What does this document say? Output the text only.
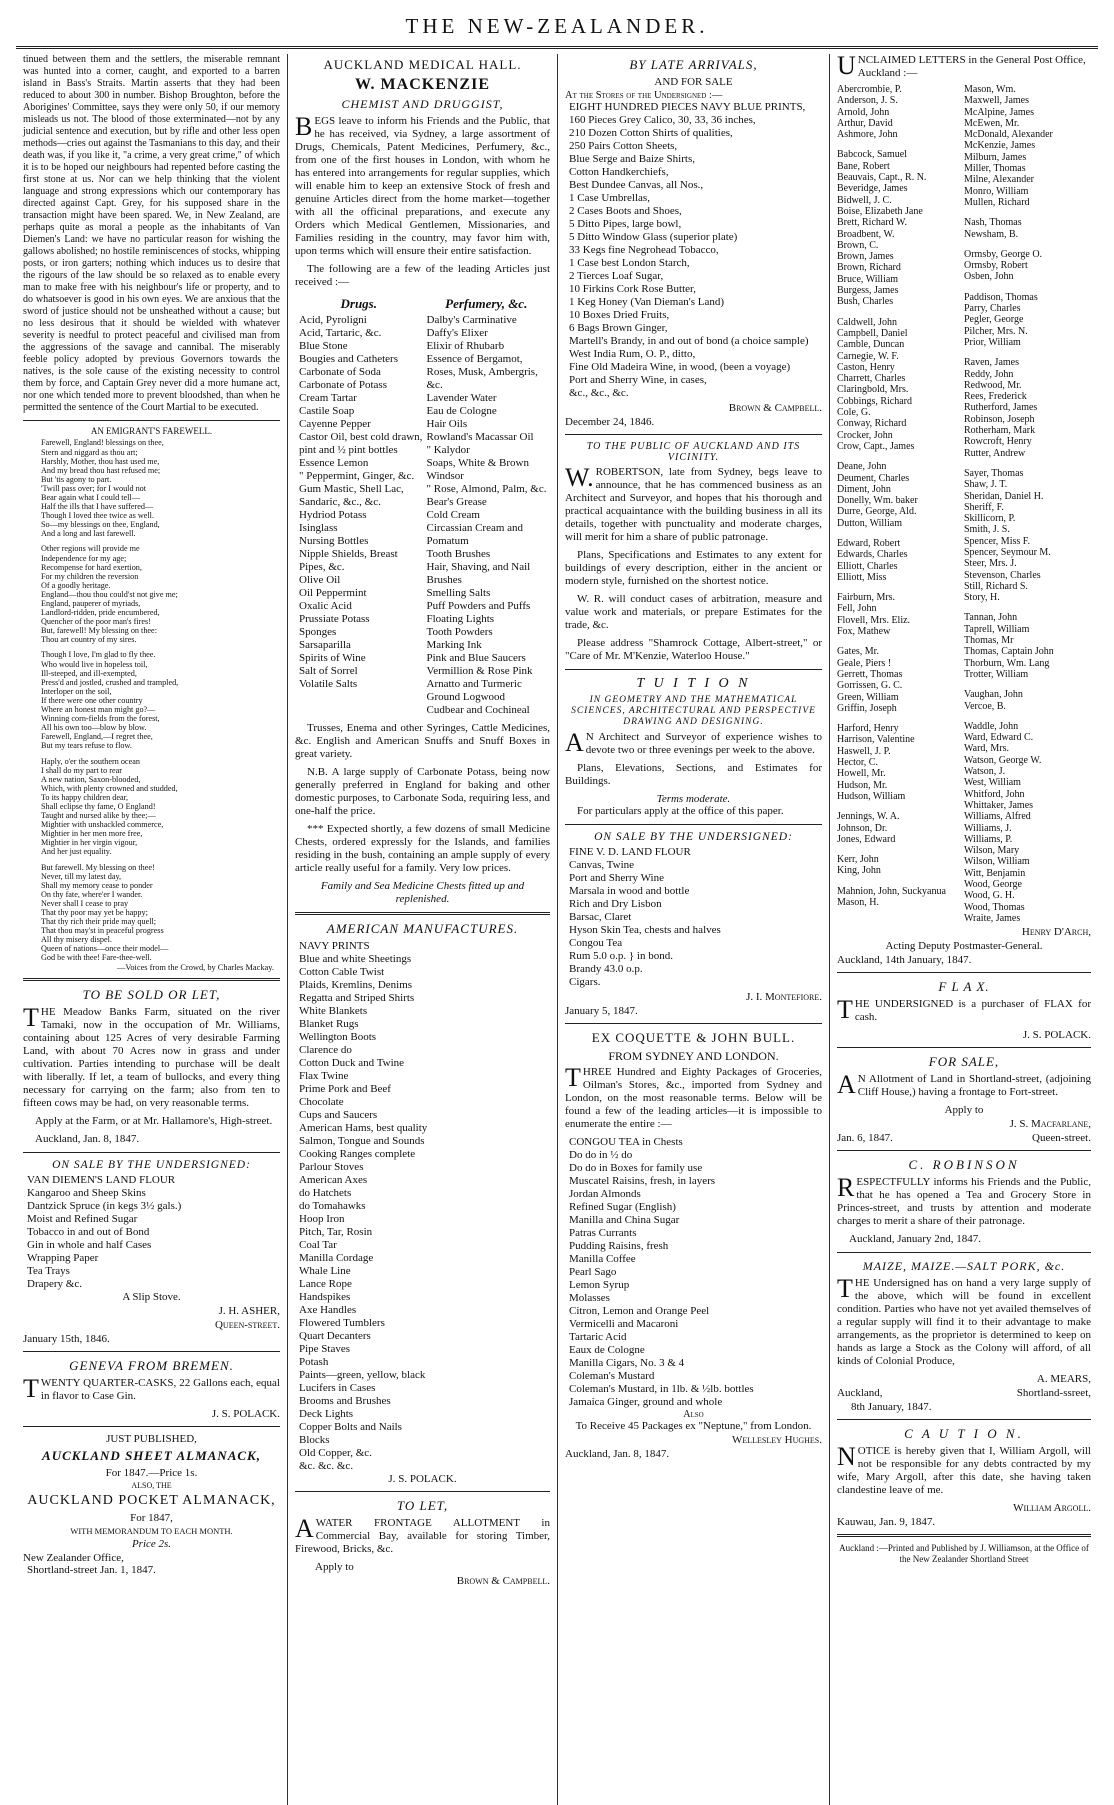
THE NEW-ZEALANDER.

tinued between them and the settlers, the miserable remnant was hunted into a corner, caught, and exported to a barren island in Bass's Straits. Martin asserts that they had been reduced to about 300 in number. Bishop Broughton, before the Aborigines' Committee, says they were only 50, if our memory misleads us not. The blood of those exterminated—not by any judicial sentence and execution, but by rifle and other less open methods—cries out against the Tasmanians to this day, and their death was, if you like it, "a crime, a very great crime," of which it is to be hoped our neighbours had repented before casting the first stone at us. Nor can we help thinking that the violent language and strong expressions which our contemporary has directed against Capt. Grey, for his supposed share in the transaction might have been spared. We, in New Zealand, are perhaps quite as moral a people as the inhabitants of Van Diemen's Land: we have no particular reason for wishing the gallows abolished; no hostile reminiscences of stocks, whipping posts, or iron garters; nothing which induces us to desire that the rigours of the law should be so relaxed as to enable every man to make free with his neighbour's life or property, and to do whatsoever is good in his own eyes. We are anxious that the sword of justice should not be unsheathed without a cause; but no less desirous that it should be wielded with whatever severity is needful to protect peaceful and civilised man from the aggressions of the savage and cannibal. The miserably feeble policy adopted by previous Governors towards the natives, is the sole cause of the existing necessity to control them by force, and Captain Grey never did a more humane act, nor one which tended more to prevent bloodshed, than when he permitted the sentence of the Court Martial to be executed.

AN EMIGRANT'S FAREWELL.
Farewell, England! blessings on thee,
Stern and niggard as thou art;
Harshly, Mother, thou hast used me,
And my bread thou hast refused me;
But 'tis agony to part.
'Twill pass over; for I would not
Bear again what I could tell—
Half the ills that I have suffered—
Though I loved thee twice as well.
So—my blessings on thee, England,
And a long and last farewell.
Other regions will provide me
Independence for my age;
Recompense for hard exertion,
For my children the reversion
Of a goodly heritage.
England—thou thou could'st not give me;
England, pauperer of myriads,
Landlord-ridden, pride encumbered,
Quencher of the poor man's fires!
But, farewell! My blessing on thee:
Thou art country of my sires.
Though I love, I'm glad to fly thee.
Who would live in hopeless toil,
Ill-steeped, and ill-exempted,
Press'd and jostled, crushed and trampled,
Interloper on the soil,
If there were one other country
Where an honest man might go?—
Winning corn-fields from the forest,
All his own too—blow by blow.
Farewell, England,—I regret thee,
But my tears refuse to flow.
Haply, o'er the southern ocean
I shall do my part to rear
A new nation, Saxon-blooded,
Which, with plenty crowned and studded,
To its happy children dear,
Shall eclipse thy fame, O England!
Taught and nursed alike by thee;—
Mightier with unshackled commerce,
Mightier in her men more free,
Mightier in her virgin vigour,
And her just equality.
But farewell. My blessing on thee!
Never, till my latest day,
Shall my memory cease to ponder
On thy fate, where'er I wander.
Never shall I cease to pray
That thy poor may yet be happy;
That thy rich their pride may quell;
That thou may'st in peaceful progress
All thy misery dispel.
Queen of nations—once their model—
God be with thee! Fare-thee-well.
—Voices from the Crowd, by Charles Mackay.
TO BE SOLD OR LET,

THE Meadow Banks Farm, situated on the river Tamaki, now in the occupation of Mr. Williams, containing about 125 Acres of very desirable Farming Land, with about 70 Acres now in grass and under cultivation. Parties intending to purchase will be dealt with liberally. If let, a team of bullocks, and every thing necessary for carrying on the farm; also from ten to fifteen cows may be had, on very reasonable terms.

Apply at the Farm, or at Mr. Hallamore's, High-street.

Auckland, Jan. 8, 1847.

ON SALE BY THE UNDERSIGNED:
VAN DIEMEN'S LAND FLOUR
Kangaroo and Sheep Skins
Dantzick Spruce (in kegs 3½ gals.)
Moist and Refined Sugar
Tobacco in and out of Bond
Gin in whole and half Cases
Wrapping Paper
Tea Trays
Drapery &c.
A Slip Stove.
J. H. ASHER,
Queen-street.
January 15th, 1846.
GENEVA FROM BREMEN.

TWENTY QUARTER-CASKS, 22 Gallons each, equal in flavor to Case Gin.

J. S. POLACK.
JUST PUBLISHED,
AUCKLAND SHEET ALMANACK,
For 1847.—Price 1s.
ALSO, THE
AUCKLAND POCKET ALMANACK,
For 1847,
WITH MEMORANDUM TO EACH MONTH.
Price 2s.
New Zealander Office,
Shortland-street Jan. 1, 1847.
AUCKLAND MEDICAL HALL.
W. MACKENZIE
CHEMIST AND DRUGGIST,

BEGS leave to inform his Friends and the Public, that he has received, via Sydney, a large assortment of Drugs, Chemicals, Patent Medicines, Perfumery, &c., from one of the first houses in London, with whom he has entered into arrangements for regular supplies, which will enable him to keep an extensive Stock of fresh and genuine Articles direct from the home market—together with all the officinal preparations, and execute any Orders which Medical Gentlemen, Missionaries, and Families residing in the country, may favor him with, upon terms which will ensure their entire satisfaction.

The following are a few of the leading Articles just received :—

Drugs.
Acid, Pyroligni
Acid, Tartaric, &c.
Blue Stone
Bougies and Catheters
Carbonate of Soda
Carbonate of Potass
Cream Tartar
Castile Soap
Cayenne Pepper
Castor Oil, best cold drawn, pint and ½ pint bottles
Essence Lemon
" Peppermint, Ginger, &c.
Gum Mastic, Shell Lac, Sandaric, &c., &c.
Hydriod Potass
Isinglass
Nursing Bottles
Nipple Shields, Breast Pipes, &c.
Olive Oil
Oil Peppermint
Oxalic Acid
Prussiate Potass
Sponges
Sarsaparilla
Spirits of Wine
Salt of Sorrel
Volatile Salts
Perfumery, &c.
Dalby's Carminative
Daffy's Elixer
Elixir of Rhubarb
Essence of Bergamot, Roses, Musk, Ambergris, &c.
Lavender Water
Eau de Cologne
Hair Oils
Rowland's Macassar Oil
" Kalydor
Soaps, White & Brown Windsor
" Rose, Almond, Palm, &c.
Bear's Grease
Cold Cream
Circassian Cream and Pomatum
Tooth Brushes
Hair, Shaving, and Nail Brushes
Smelling Salts
Puff Powders and Puffs
Floating Lights
Tooth Powders
Marking Ink
Pink and Blue Saucers
Vermillion & Rose Pink
Arnatto and Turmeric
Ground Logwood
Cudbear and Cochineal

Trusses, Enema and other Syringes, Cattle Medicines, &c. English and American Snuffs and Snuff Boxes in great variety.

N.B. A large supply of Carbonate Potass, being now generally preferred in England for baking and other domestic purposes, to Carbonate Soda, requiring less, and one-half the price.

*** Expected shortly, a few dozens of small Medicine Chests, ordered expressly for the Islands, and families residing in the bush, containing an ample supply of every article really useful for a family. Very low prices.

Family and Sea Medicine Chests fitted up and replenished.

AMERICAN MANUFACTURES.
NAVY PRINTS
Blue and white Sheetings
Cotton Cable Twist
Plaids, Kremlins, Denims
Regatta and Striped Shirts
White Blankets
Blanket Rugs
Wellington Boots
Clarence do
Cotton Duck and Twine
Flax Twine
Prime Pork and Beef
Chocolate
Cups and Saucers
American Hams, best quality
Salmon, Tongue and Sounds
Cooking Ranges complete
Parlour Stoves
American Axes
do Hatchets
do Tomahawks
Hoop Iron
Pitch, Tar, Rosin
Coal Tar
Manilla Cordage
Whale Line
Lance Rope
Handspikes
Axe Handles
Flowered Tumblers
Quart Decanters
Pipe Staves
Potash
Paints—green, yellow, black
Lucifers in Cases
Brooms and Brushes
Deck Lights
Copper Bolts and Nails
Blocks
Old Copper, &c.
&c. &c. &c.
J. S. POLACK.
TO LET,

AWATER FRONTAGE ALLOTMENT in Commercial Bay, available for storing Timber, Firewood, Bricks, &c.

Apply to
Brown & Campbell.
BY LATE ARRIVALS,
AND FOR SALE
At the Stores of the Undersigned :—
EIGHT HUNDRED PIECES NAVY BLUE PRINTS,
160 Pieces Grey Calico, 30, 33, 36 inches,
210 Dozen Cotton Shirts of qualities,
250 Pairs Cotton Sheets,
Blue Serge and Baize Shirts,
Cotton Handkerchiefs,
Best Dundee Canvas, all Nos.,
1 Case Umbrellas,
2 Cases Boots and Shoes,
5 Ditto Pipes, large bowl,
5 Ditto Window Glass (superior plate)
33 Kegs fine Negrohead Tobacco,
1 Case best London Starch,
2 Tierces Loaf Sugar,
10 Firkins Cork Rose Butter,
1 Keg Honey (Van Dieman's Land)
10 Boxes Dried Fruits,
6 Bags Brown Ginger,
Martell's Brandy, in and out of bond (a choice sample)
West India Rum, O. P., ditto,
Fine Old Madeira Wine, in wood, (been a voyage)
Port and Sherry Wine, in cases,
&c., &c., &c.
Brown & Campbell.
December 24, 1846.
TO THE PUBLIC OF AUCKLAND AND ITS VICINITY.

W.ROBERTSON, late from Sydney, begs leave to announce, that he has commenced business as an Architect and Surveyor, and hopes that his thorough and practical acquaintance with the building business in all its details, together with punctuality and moderate charges, will merit for him a share of public patronage.

Plans, Specifications and Estimates to any extent for buildings of every description, either in the ancient or modern style, furnished on the shortest notice.

W. R. will conduct cases of arbitration, measure and value work and materials, or prepare Estimates for the trade, &c.

Please address "Shamrock Cottage, Albert-street," or "Care of Mr. M'Kenzie, Waterloo House."

T U I T I O N
IN GEOMETRY AND THE MATHEMATICAL SCIENCES, ARCHITECTURAL AND PERSPECTIVE DRAWING AND DESIGNING.

AN Architect and Surveyor of experience wishes to devote two or three evenings per week to the above.

Plans, Elevations, Sections, and Estimates for Buildings.

Terms moderate.

For particulars apply at the office of this paper.

ON SALE BY THE UNDERSIGNED:
FINE V. D. LAND FLOUR
Canvas, Twine
Port and Sherry Wine
Marsala in wood and bottle
Rich and Dry Lisbon
Barsac, Claret
Hyson Skin Tea, chests and halves
Congou Tea
Rum 5.0 o.p. } in bond.
Brandy 43.0 o.p.
Cigars.
J. I. Montefiore.
January 5, 1847.
EX COQUETTE & JOHN BULL.
FROM SYDNEY AND LONDON.

THREE Hundred and Eighty Packages of Groceries, Oilman's Stores, &c., imported from Sydney and London, on the most reasonable terms. Below will be found a few of the leading articles—it is impossible to enumerate the entire :—

CONGOU TEA in Chests
Do do in ½ do
Do do in Boxes for family use
Muscatel Raisins, fresh, in layers
Jordan Almonds
Refined Sugar (English)
Manilla and China Sugar
Patras Currants
Pudding Raisins, fresh
Manilla Coffee
Pearl Sago
Lemon Syrup
Molasses
Citron, Lemon and Orange Peel
Vermicelli and Macaroni
Tartaric Acid
Eaux de Cologne
Manilla Cigars, No. 3 & 4
Coleman's Mustard
Coleman's Mustard, in 1lb. & ½lb. bottles
Jamaica Ginger, ground and whole
Also
To Receive 45 Packages ex "Neptune," from London.
Wellesley Hughes.
Auckland, Jan. 8, 1847.
UNCLAIMED LETTERS in the General Post Office, Auckland :—
Abercrombie, P.
Anderson, J. S.
Arnold, John
Arthur, David
Ashmore, John
Babcock, Samuel
Bane, Robert
Beauvais, Capt., R. N.
Beveridge, James
Bidwell, J. C.
Boise, Elizabeth Jane
Brett, Richard W.
Broadbent, W.
Brown, C.
Brown, James
Brown, Richard
Bruce, William
Burgess, James
Bush, Charles
Caldwell, John
Campbell, Daniel
Camble, Duncan
Carnegie, W. F.
Caston, Henry
Charrett, Charles
Claringbold, Mrs.
Cobbings, Richard
Cole, G.
Conway, Richard
Crocker, John
Crow, Capt., James
Deane, John
Deument, Charles
Diment, John
Donelly, Wm. baker
Durre, George, Ald.
Dutton, William
Edward, Robert
Edwards, Charles
Elliott, Charles
Elliott, Miss
Fairburn, Mrs.
Fell, John
Flovell, Mrs. Eliz.
Fox, Mathew
Gates, Mr.
Geale, Piers !
Gerrett, Thomas
Gorrissen, G. C.
Green, William
Griffin, Joseph
Harford, Henry
Harrison, Valentine
Haswell, J. P.
Hector, C.
Howell, Mr.
Hudson, Mr.
Hudson, William
Jennings, W. A.
Johnson, Dr.
Jones, Edward
Kerr, John
King, John
Mahnion, John, Suckyanua
Mason, H.
Mason, Wm.
Maxwell, James
McAlpine, James
McEwen, Mr.
McDonald, Alexander
McKenzie, James
Milburn, James
Miller, Thomas
Milne, Alexander
Monro, William
Mullen, Richard
Nash, Thomas
Newsham, B.
Ormsby, George O.
Ormsby, Robert
Osben, John
Paddison, Thomas
Parry, Charles
Pegler, George
Pilcher, Mrs. N.
Prior, William
Raven, James
Reddy, John
Redwood, Mr.
Rees, Frederick
Rutherford, James
Robinson, Joseph
Rotherham, Mark
Rowcroft, Henry
Rutter, Andrew
Sayer, Thomas
Shaw, J. T.
Sheridan, Daniel H.
Sheriff, F.
Skillicorn, P.
Smith, J. S.
Spencer, Miss F.
Spencer, Seymour M.
Steer, Mrs. J.
Stevenson, Charles
Still, Richard S.
Story, H.
Tannan, John
Taprell, William
Thomas, Mr
Thomas, Captain John
Thorburn, Wm. Lang
Trotter, William
Vaughan, John
Vercoe, B.
Waddle, John
Ward, Edward C.
Ward, Mrs.
Watson, George W.
Watson, J.
West, William
Whitford, John
Whittaker, James
Williams, Alfred
Williams, J.
Williams, P.
Wilson, Mary
Wilson, William
Witt, Benjamin
Wood, George
Wood, G. H.
Wood, Thomas
Wraite, James
Henry D'Arch,
Acting Deputy Postmaster-General.
Auckland, 14th January, 1847.
F L A X.

THE UNDERSIGNED is a purchaser of FLAX for cash.

J. S. POLACK.
FOR SALE,

AN Allotment of Land in Shortland-street, (adjoining Cliff House,) having a frontage to Fort-street.

Apply to
J. S. Macfarlane,
Jan. 6, 1847.	Queen-street.
C. ROBINSON

RESPECTFULLY informs his Friends and the Public, that he has opened a Tea and Grocery Store in Princes-street, and trusts by attention and moderate charges to merit a share of their patronage.

Auckland, January 2nd, 1847.

MAIZE, MAIZE.—SALT PORK, &c.

THE Undersigned has on hand a very large supply of the above, which will be found in excellent condition. Parties who have not yet availed themselves of a regular supply will find it to their advantage to make arrangements, as the proprietor is determined to keep on hands as large a Stock as the Colony will afford, of all kinds of Colonial Produce,

A. MEARS,
Auckland,	Shortland-ssreet,
8th January, 1847.
C A U T I O N.

NOTICE is hereby given that I, William Argoll, will not be responsible for any debts contracted by my wife, Mary Argoll, after this date, she having taken clandestine leave of me.

William Argoll.
Kauwau, Jan. 9, 1847.
Auckland :—Printed and Published by J. Williamson, at the Office of the New Zealander Shortland Street
